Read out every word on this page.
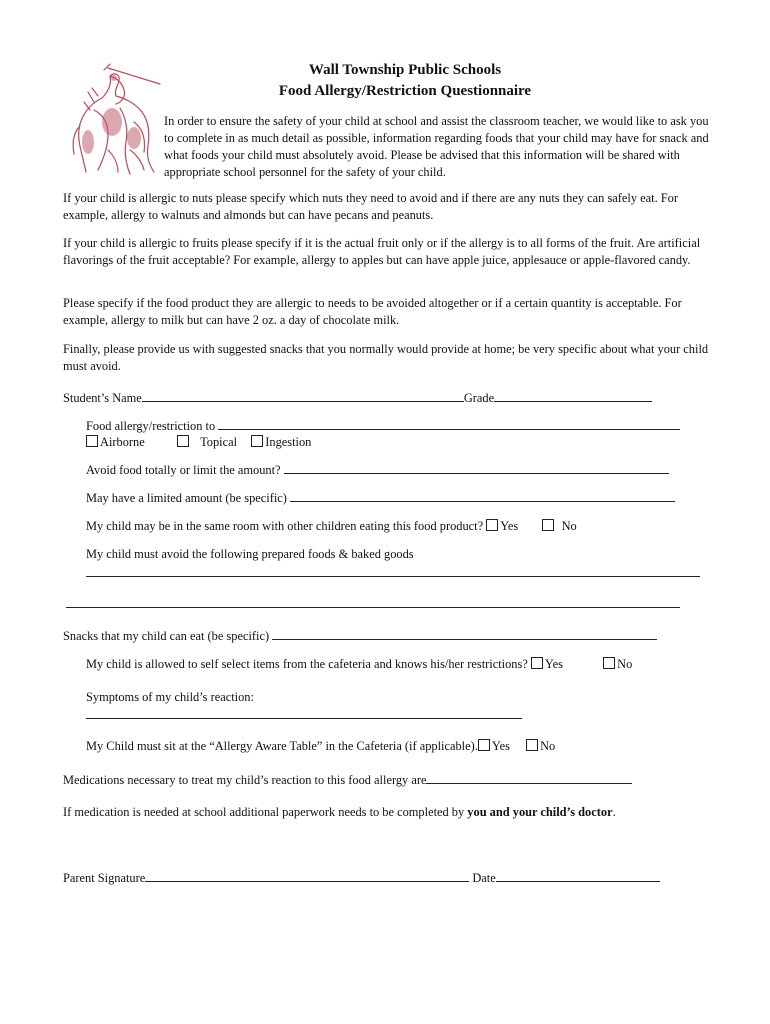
Wall Township Public Schools
Food Allergy/Restriction Questionnaire
In order to ensure the safety of your child at school and assist the classroom teacher, we would like to ask you to complete in as much detail as possible, information regarding foods that your child may have for snack and what foods your child must absolutely avoid. Please be advised that this information will be shared with appropriate school personnel for the safety of your child.
If your child is allergic to nuts please specify which nuts they need to avoid and if there are any nuts they can safely eat. For example, allergy to walnuts and almonds but can have pecans and peanuts.
If your child is allergic to fruits please specify if it is the actual fruit only or if the allergy is to all forms of the fruit. Are artificial flavorings of the fruit acceptable? For example, allergy to apples but can have apple juice, applesauce or apple-flavored candy.
Please specify if the food product they are allergic to needs to be avoided altogether or if a certain quantity is acceptable. For example, allergy to milk but can have 2 oz. a day of chocolate milk.
Finally, please provide us with suggested snacks that you normally would provide at home; be very specific about what your child must avoid.
Student’s Name	Grade
Food allergy/restriction to
Airborne	Topical Ingestion
Avoid food totally or limit the amount?
May have a limited amount (be specific)
My child may be in the same room with other children eating this food product? Yes	No
My child must avoid the following prepared foods & baked goods
Snacks that my child can eat (be specific)
My child is allowed to self select items from the cafeteria and knows his/her restrictions? Yes	No
Symptoms of my child’s reaction:
My Child must sit at the “Allergy Aware Table” in the Cafeteria (if applicable). Yes No
Medications necessary to treat my child’s reaction to this food allergy are
If medication is needed at school additional paperwork needs to be completed by you and your child’s doctor.
Parent Signature	Date
